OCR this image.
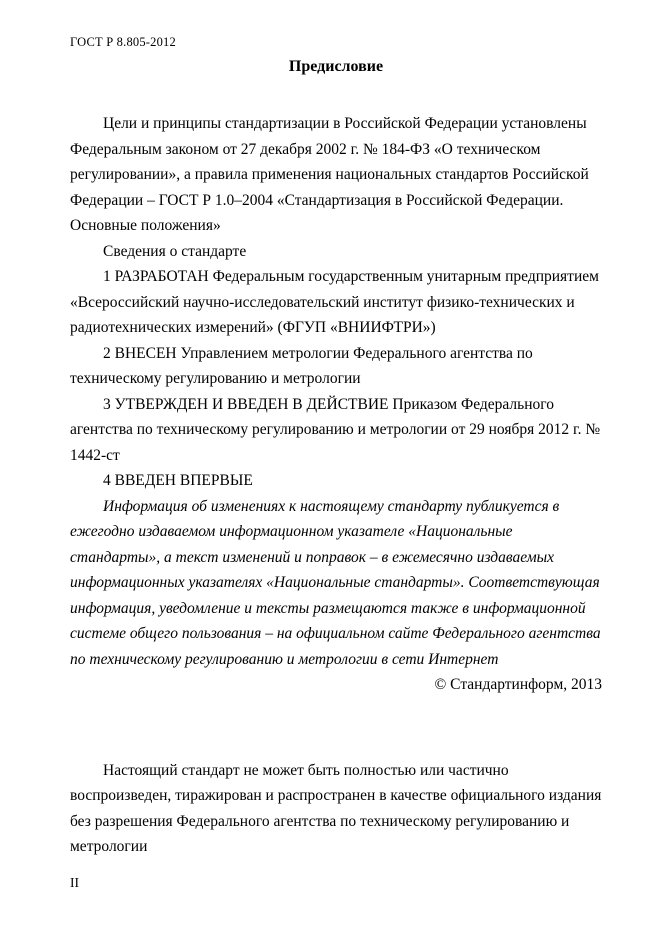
ГОСТ Р 8.805-2012
Предисловие

Цели и принципы стандартизации в Российской Федерации установлены Федеральным законом от 27 декабря 2002 г. № 184-ФЗ «О техническом регулировании», а правила применения национальных стандартов Российской Федерации – ГОСТ Р 1.0–2004 «Стандартизация в Российской Федерации. Основные положения»

Сведения о стандарте

1 РАЗРАБОТАН Федеральным государственным унитарным предприятием «Всероссийский научно-исследовательский институт физико-технических и радиотехнических измерений» (ФГУП «ВНИИФТРИ»)

2 ВНЕСЕН Управлением метрологии Федерального агентства по техническому регулированию и метрологии

3 УТВЕРЖДЕН И ВВЕДЕН В ДЕЙСТВИЕ Приказом Федерального агентства по техническому регулированию и метрологии от 29 ноября 2012 г. № 1442-ст

4 ВВЕДЕН ВПЕРВЫЕ

Информация об изменениях к настоящему стандарту публикуется в ежегодно издаваемом информационном указателе «Национальные стандарты», а текст изменений и поправок – в ежемесячно издаваемых информационных указателях «Национальные стандарты». Соответствующая информация, уведомление и тексты размещаются также в информационной системе общего пользования – на официальном сайте Федерального агентства по техническому регулированию и метрологии в сети Интернет

© Стандартинформ, 2013

Настоящий стандарт не может быть полностью или частично воспроизведен, тиражирован и распространен в качестве официального издания без разрешения Федерального агентства по техническому регулированию и метрологии

II
